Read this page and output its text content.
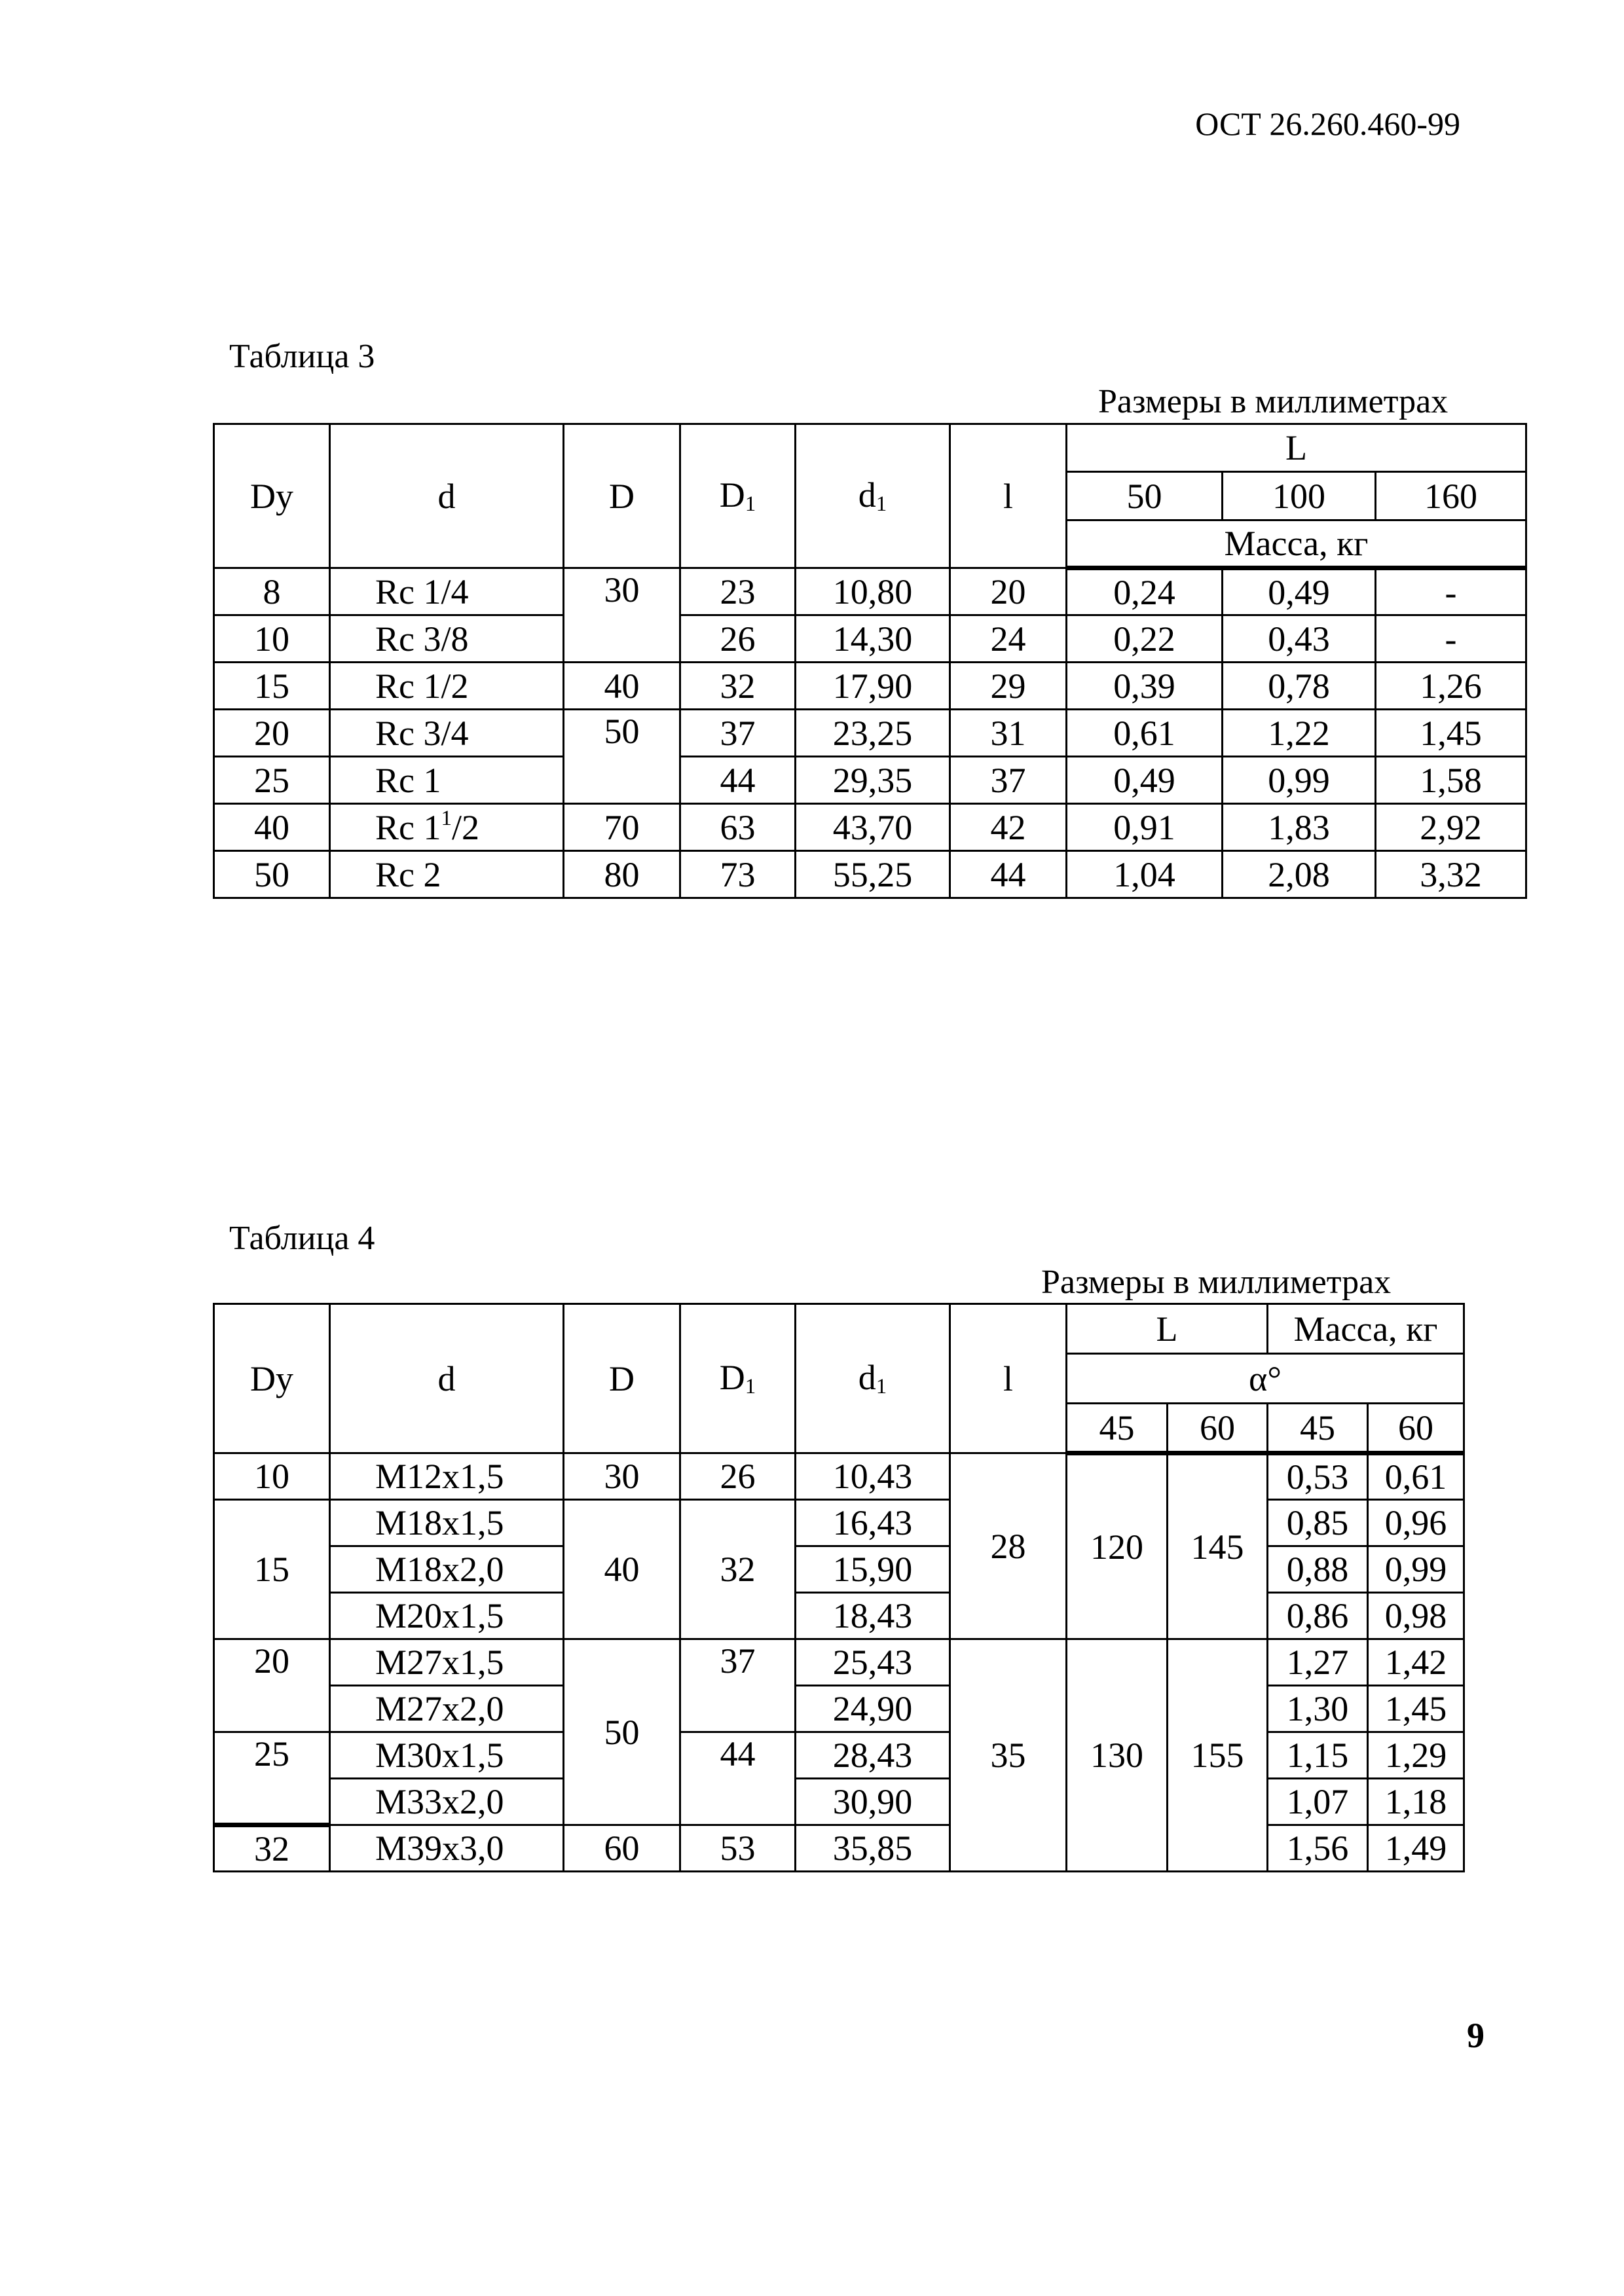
ОСТ 26.260.460-99
Таблица 3
Размеры в миллиметрах
Dy	d	D	$D_1$	$d_1$	l	L		
						50	100	160
						Масса, кг		
8	Rc 1/4	30	23	10,80	20	0,24	0,49	-
10	Rc 3/8		26	14,30	24	0,22	0,43	-
15	Rc 1/2	40	32	17,90	29	0,39	0,78	1,26
20	Rc 3/4	50	37	23,25	31	0,61	1,22	1,45
25	Rc 1		44	29,35	37	0,49	0,99	1,58
40	Rc $1^1/2$	70	63	43,70	42	0,91	1,83	2,92
50	Rc 2	80	73	55,25	44	1,04	2,08	3,32
Таблица 4
Размеры в миллиметрах
Dy	d	D	$D_1$	$d_1$	l	L		Масса, кг	
						α°			
						45	60	45	60
10	M12x1,5	30	26	10,43	28	120	145	0,53	0,61
15	M18x1,5	40	32	16,43				0,85	0,96
	M18x2,0			15,90				0,88	0,99
	M20x1,5			18,43				0,86	0,98
20	M27x1,5	50	37	25,43	35	130	155	1,27	1,42
	M27x2,0			24,90				1,30	1,45
25	M30x1,5		44	28,43				1,15	1,29
	M33x2,0			30,90				1,07	1,18
32	M39x3,0	60	53	35,85				1,56	1,49
9
